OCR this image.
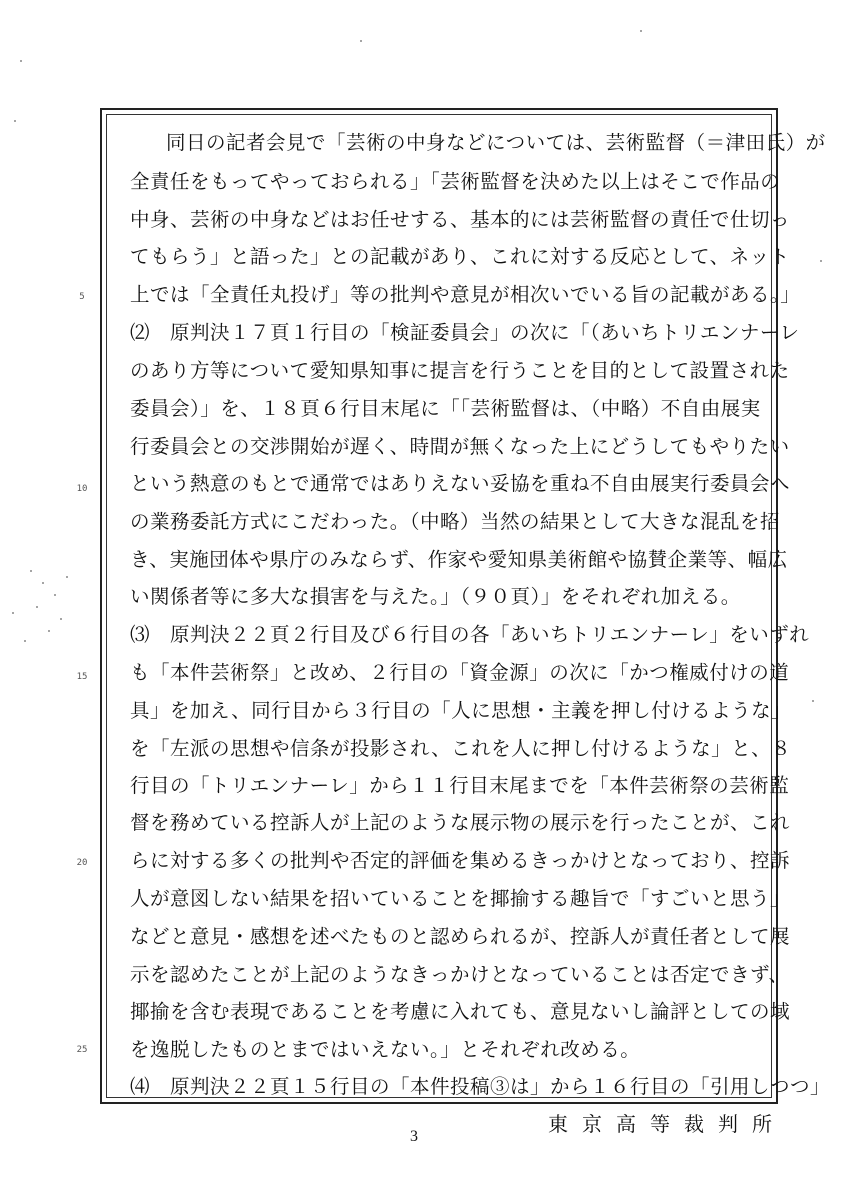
5
10
15
20
25
同日の記者会見で「芸術の中身などについては、芸術監督（＝津田氏）が
全責任をもってやっておられる」「芸術監督を決めた以上はそこで作品の
中身、芸術の中身などはお任せする、基本的には芸術監督の責任で仕切っ
てもらう」と語った」との記載があり、これに対する反応として、ネット
上では「全責任丸投げ」等の批判や意見が相次いでいる旨の記載がある。」
⑵　原判決１７頁１行目の「検証委員会」の次に「（あいちトリエンナーレ
のあり方等について愛知県知事に提言を行うことを目的として設置された
委員会）」を、１８頁６行目末尾に「「芸術監督は、（中略）不自由展実
行委員会との交渉開始が遅く、時間が無くなった上にどうしてもやりたい
という熱意のもとで通常ではありえない妥協を重ね不自由展実行委員会へ
の業務委託方式にこだわった。（中略）当然の結果として大きな混乱を招
き、実施団体や県庁のみならず、作家や愛知県美術館や協賛企業等、幅広
い関係者等に多大な損害を与えた。」（９０頁）」をそれぞれ加える。
⑶　原判決２２頁２行目及び６行目の各「あいちトリエンナーレ」をいずれ
も「本件芸術祭」と改め、２行目の「資金源」の次に「かつ権威付けの道
具」を加え、同行目から３行目の「人に思想・主義を押し付けるような」
を「左派の思想や信条が投影され、これを人に押し付けるような」と、８
行目の「トリエンナーレ」から１１行目末尾までを「本件芸術祭の芸術監
督を務めている控訴人が上記のような展示物の展示を行ったことが、これ
らに対する多くの批判や否定的評価を集めるきっかけとなっており、控訴
人が意図しない結果を招いていることを揶揄する趣旨で「すごいと思う」
などと意見・感想を述べたものと認められるが、控訴人が責任者として展
示を認めたことが上記のようなきっかけとなっていることは否定できず、
揶揄を含む表現であることを考慮に入れても、意見ないし論評としての域
を逸脱したものとまではいえない。」とそれぞれ改める。
⑷　原判決２２頁１５行目の「本件投稿③は」から１６行目の「引用しつつ」
3
東京高等裁判所
